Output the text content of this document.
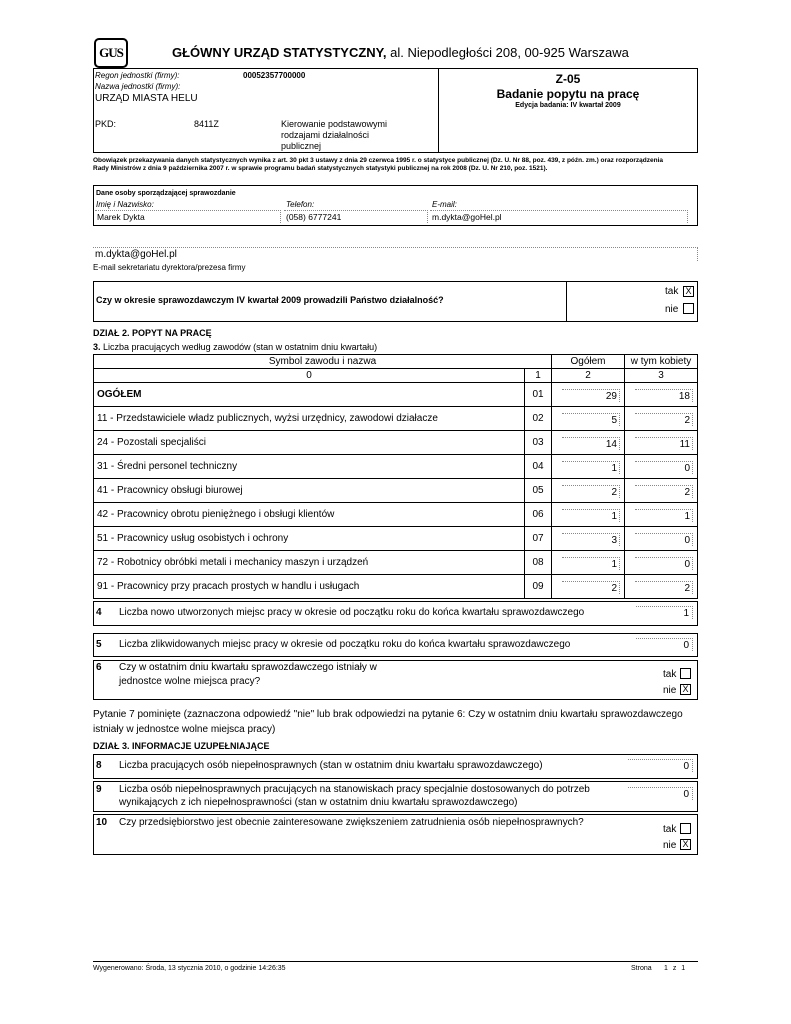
GUS	GŁÓWNY URZĄD STATYSTYCZNY, al. Niepodległości 208, 00-925 Warszawa
Regon jednostki (firmy):	00052357700000
Nazwa jednostki (firmy):
URZĄD MIASTA HELU
PKD:	8411Z	Kierowanie podstawowymi
rodzajami działalności
publicznej
Z-05
Badanie popytu na pracę
Edycja badania: IV kwartał 2009
Obowiązek przekazywania danych statystycznych wynika z art. 30 pkt 3 ustawy z dnia 29 czerwca 1995 r. o statystyce publicznej (Dz. U. Nr 88, poz. 439, z późn. zm.) oraz rozporządzenia
Rady Ministrów z dnia 9 października 2007 r. w sprawie programu badań statystycznych statystyki publicznej na rok 2008 (Dz. U. Nr 210, poz. 1521).
Dane osoby sporządzającej sprawozdanie
Imię i Nazwisko:	Telefon:	E-mail:
Marek Dykta	(058) 6777241	m.dykta@goHel.pl
m.dykta@goHel.pl
E-mail sekretariatu dyrektora/prezesa firmy
Czy w okresie sprawozdawczym IV kwartał 2009 prowadzili Państwo działalność?
tak X
nie
DZIAŁ 2. POPYT NA PRACĘ
3. Liczba pracujących według zawodów (stan w ostatnim dniu kwartału)
Symbol zawodu i nazwa		Ogółem	w tym kobiety
0	1	2	3
OGÓŁEM	01	29	18

11 - Przedstawiciele władz publicznych, wyżsi urzędnicy, zawodowi działacze	02	5	2

24 - Pozostali specjaliści	03	14	11

31 - Średni personel techniczny	04	1	0

41 - Pracownicy obsługi biurowej	05	2	2

42 - Pracownicy obrotu pieniężnego i obsługi klientów	06	1	1

51 - Pracownicy usług osobistych i ochrony	07	3	0

72 - Robotnicy obróbki metali i mechanicy maszyn i urządzeń	08	1	0

91 - Pracownicy przy pracach prostych w handlu i usługach	09	2	2
4 Liczba nowo utworzonych miejsc pracy w okresie od początku roku do końca kwartału sprawozdawczego	1
5 Liczba zlikwidowanych miejsc pracy w okresie od początku roku do końca kwartału sprawozdawczego	0
6 Czy w ostatnim dniu kwartału sprawozdawczego istniały w
jednostce wolne miejsca pracy?
tak
nie X
Pytanie 7 pominięte (zaznaczona odpowiedź "nie" lub brak odpowiedzi na pytanie 6: Czy w ostatnim dniu kwartału sprawozdawczego
istniały w jednostce wolne miejsca pracy)
DZIAŁ 3. INFORMACJE UZUPEŁNIAJĄCE
8 Liczba pracujących osób niepełnosprawnych (stan w ostatnim dniu kwartału sprawozdawczego)	0
9 Liczba osób niepełnosprawnych pracujących na stanowiskach pracy specjalnie dostosowanych do potrzeb
wynikających z ich niepełnosprawności (stan w ostatnim dniu kwartału sprawozdawczego)
0
10 Czy przedsiębiorstwo jest obecnie zainteresowane zwiększeniem zatrudnienia osób niepełnosprawnych?
tak
nie X
Wygenerowano: Środa, 13 stycznia 2010, o godzinie 14:26:35	Strona 1 z 1
